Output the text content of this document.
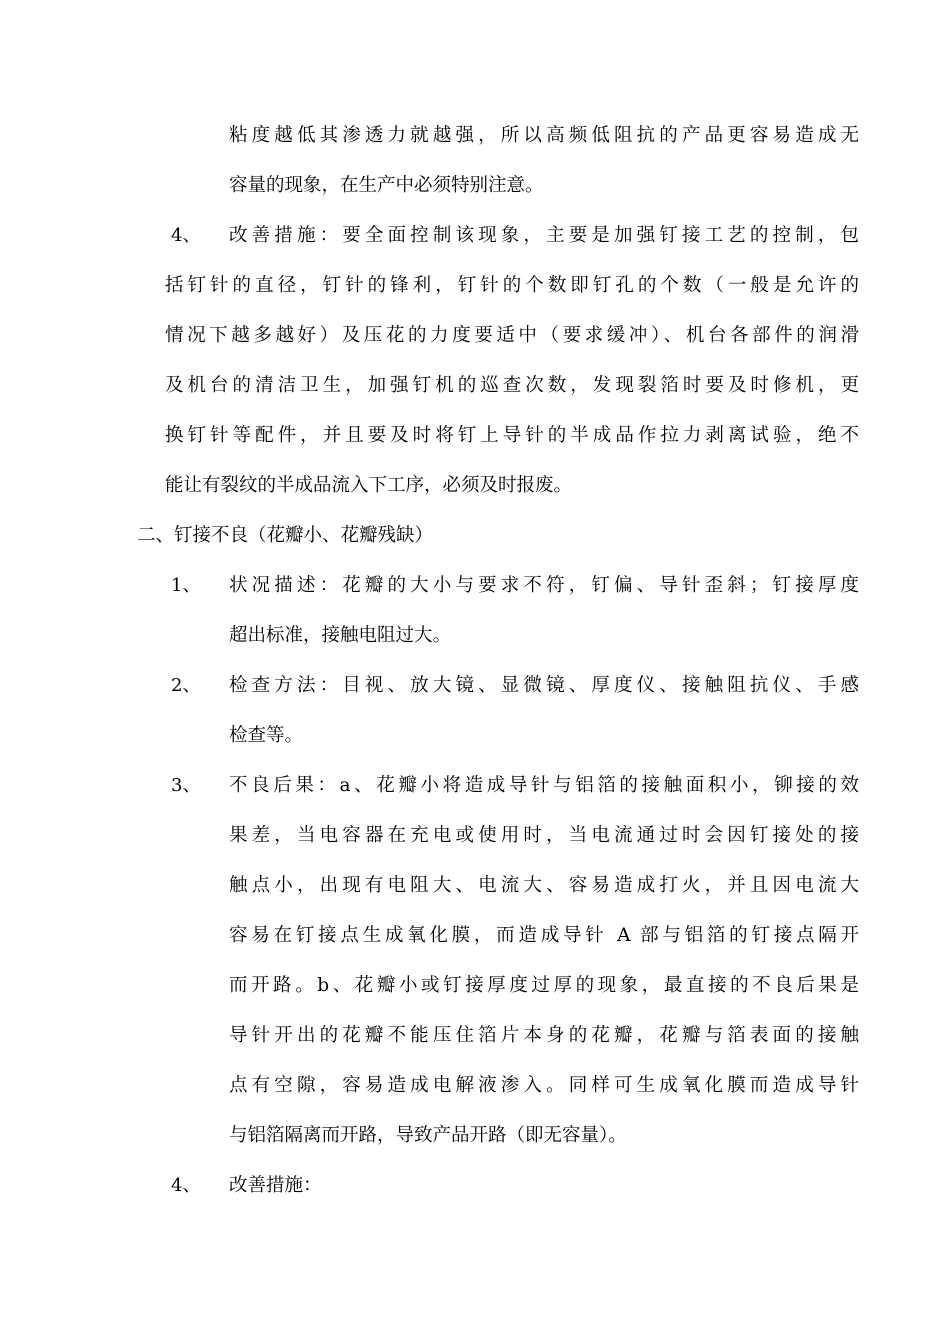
粘度越低其渗透力就越强，所以高频低阻抗的产品更容易造成无
容量的现象，在生产中必须特别注意。
4、 改善措施：要全面控制该现象，主要是加强钉接工艺的控制，包
括钉针的直径，钉针的锋利，钉针的个数即钉孔的个数（一般是允许的
情况下越多越好）及压花的力度要适中（要求缓冲）、机台各部件的润滑
及机台的清洁卫生，加强钉机的巡查次数，发现裂箔时要及时修机，更
换钉针等配件，并且要及时将钉上导针的半成品作拉力剥离试验，绝不
能让有裂纹的半成品流入下工序，必须及时报废。
二、钉接不良（花瓣小、花瓣残缺）
1、 状况描述：花瓣的大小与要求不符，钉偏、导针歪斜；钉接厚度
超出标准，接触电阻过大。
2、 检查方法：目视、放大镜、显微镜、厚度仪、接触阻抗仪、手感
检查等。
3、 不良后果：a、花瓣小将造成导针与铝箔的接触面积小，铆接的效
果差，当电容器在充电或使用时，当电流通过时会因钉接处的接
触点小，出现有电阻大、电流大、容易造成打火，并且因电流大
容易在钉接点生成氧化膜，而造成导针 A 部与铝箔的钉接点隔开
而开路。b、花瓣小或钉接厚度过厚的现象，最直接的不良后果是
导针开出的花瓣不能压住箔片本身的花瓣，花瓣与箔表面的接触
点有空隙，容易造成电解液渗入。同样可生成氧化膜而造成导针
与铝箔隔离而开路，导致产品开路（即无容量）。
4、 改善措施：
